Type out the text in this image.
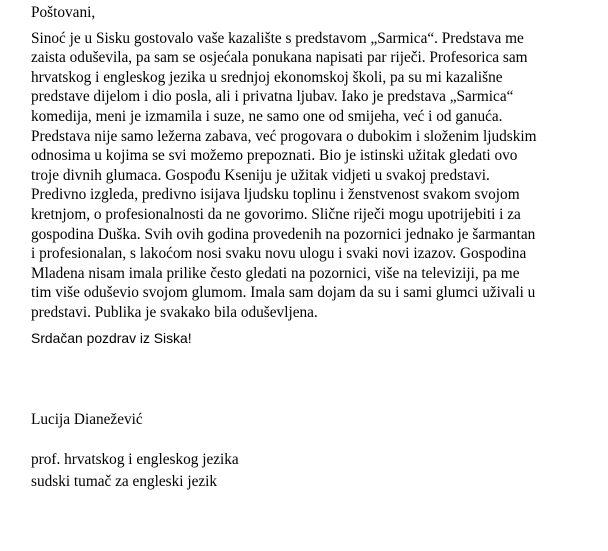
Poštovani,
Sinoć je u Sisku gostovalo vaše kazalište s predstavom „Sarmica“. Predstava me
zaista oduševila, pa sam se osjećala ponukana napisati par riječi. Profesorica sam
hrvatskog i engleskog jezika u srednjoj ekonomskoj školi, pa su mi kazališne
predstave dijelom i dio posla, ali i privatna ljubav. Iako je predstava „Sarmica“
komedija, meni je izmamila i suze, ne samo one od smijeha, već i od ganuća.
Predstava nije samo ležerna zabava, već progovara o dubokim i složenim ljudskim
odnosima u kojima se svi možemo prepoznati. Bio je istinski užitak gledati ovo
troje divnih glumaca. Gospođu Kseniju je užitak vidjeti u svakoj predstavi.
Predivno izgleda, predivno isijava ljudsku toplinu i ženstvenost svakom svojom
kretnjom, o profesionalnosti da ne govorimo. Slične riječi mogu upotrijebiti i za
gospodina Duška. Svih ovih godina provedenih na pozornici jednako je šarmantan
i profesionalan, s lakoćom nosi svaku novu ulogu i svaki novi izazov. Gospodina
Mladena nisam imala prilike često gledati na pozornici, više na televiziji, pa me
tim više oduševio svojom glumom. Imala sam dojam da su i sami glumci uživali u
predstavi. Publika je svakako bila oduševljena.
Srdačan pozdrav iz Siska!
Lucija Dianežević
prof. hrvatskog i engleskog jezika
sudski tumač za engleski jezik
